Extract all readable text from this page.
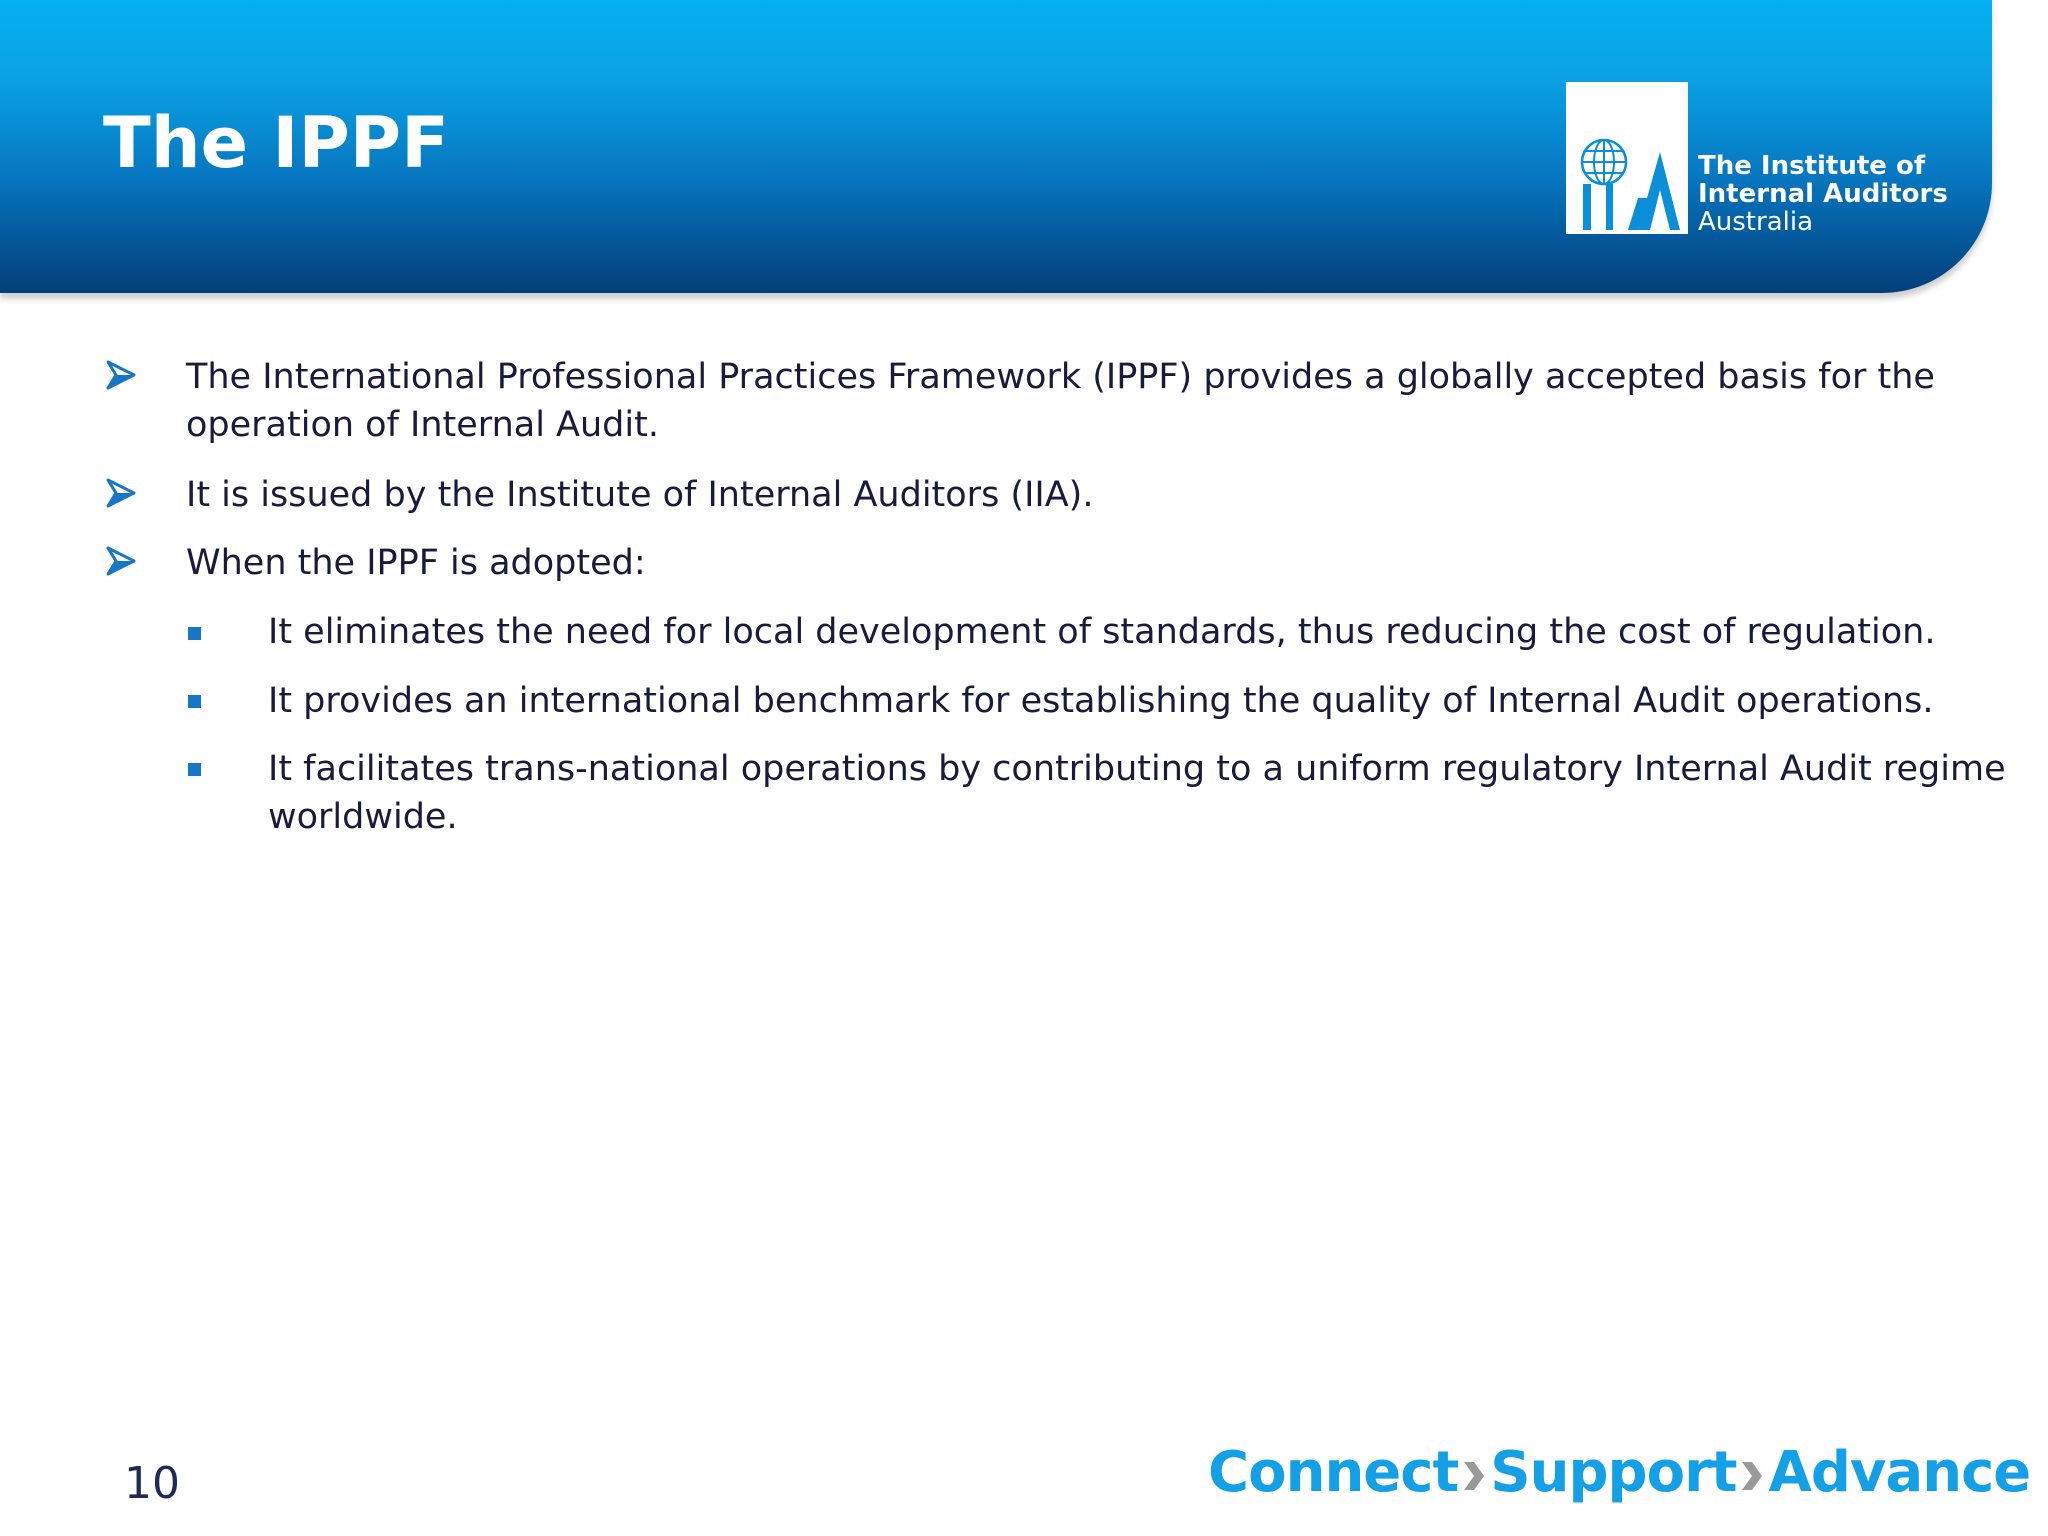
The IPPF	The Institute of
Internal Auditors
Australia
The International Professional Practices Framework (IPPF) provides a globally accepted basis for the
operation of Internal Audit.
It is issued by the Institute of Internal Auditors (IIA).
When the IPPF is adopted:
It eliminates the need for local development of standards, thus reducing the cost of regulation.
It provides an international benchmark for establishing the quality of Internal Audit operations.
It facilitates trans-national operations by contributing to a uniform regulatory Internal Audit regime
worldwide.
10	Connect Support Advance
